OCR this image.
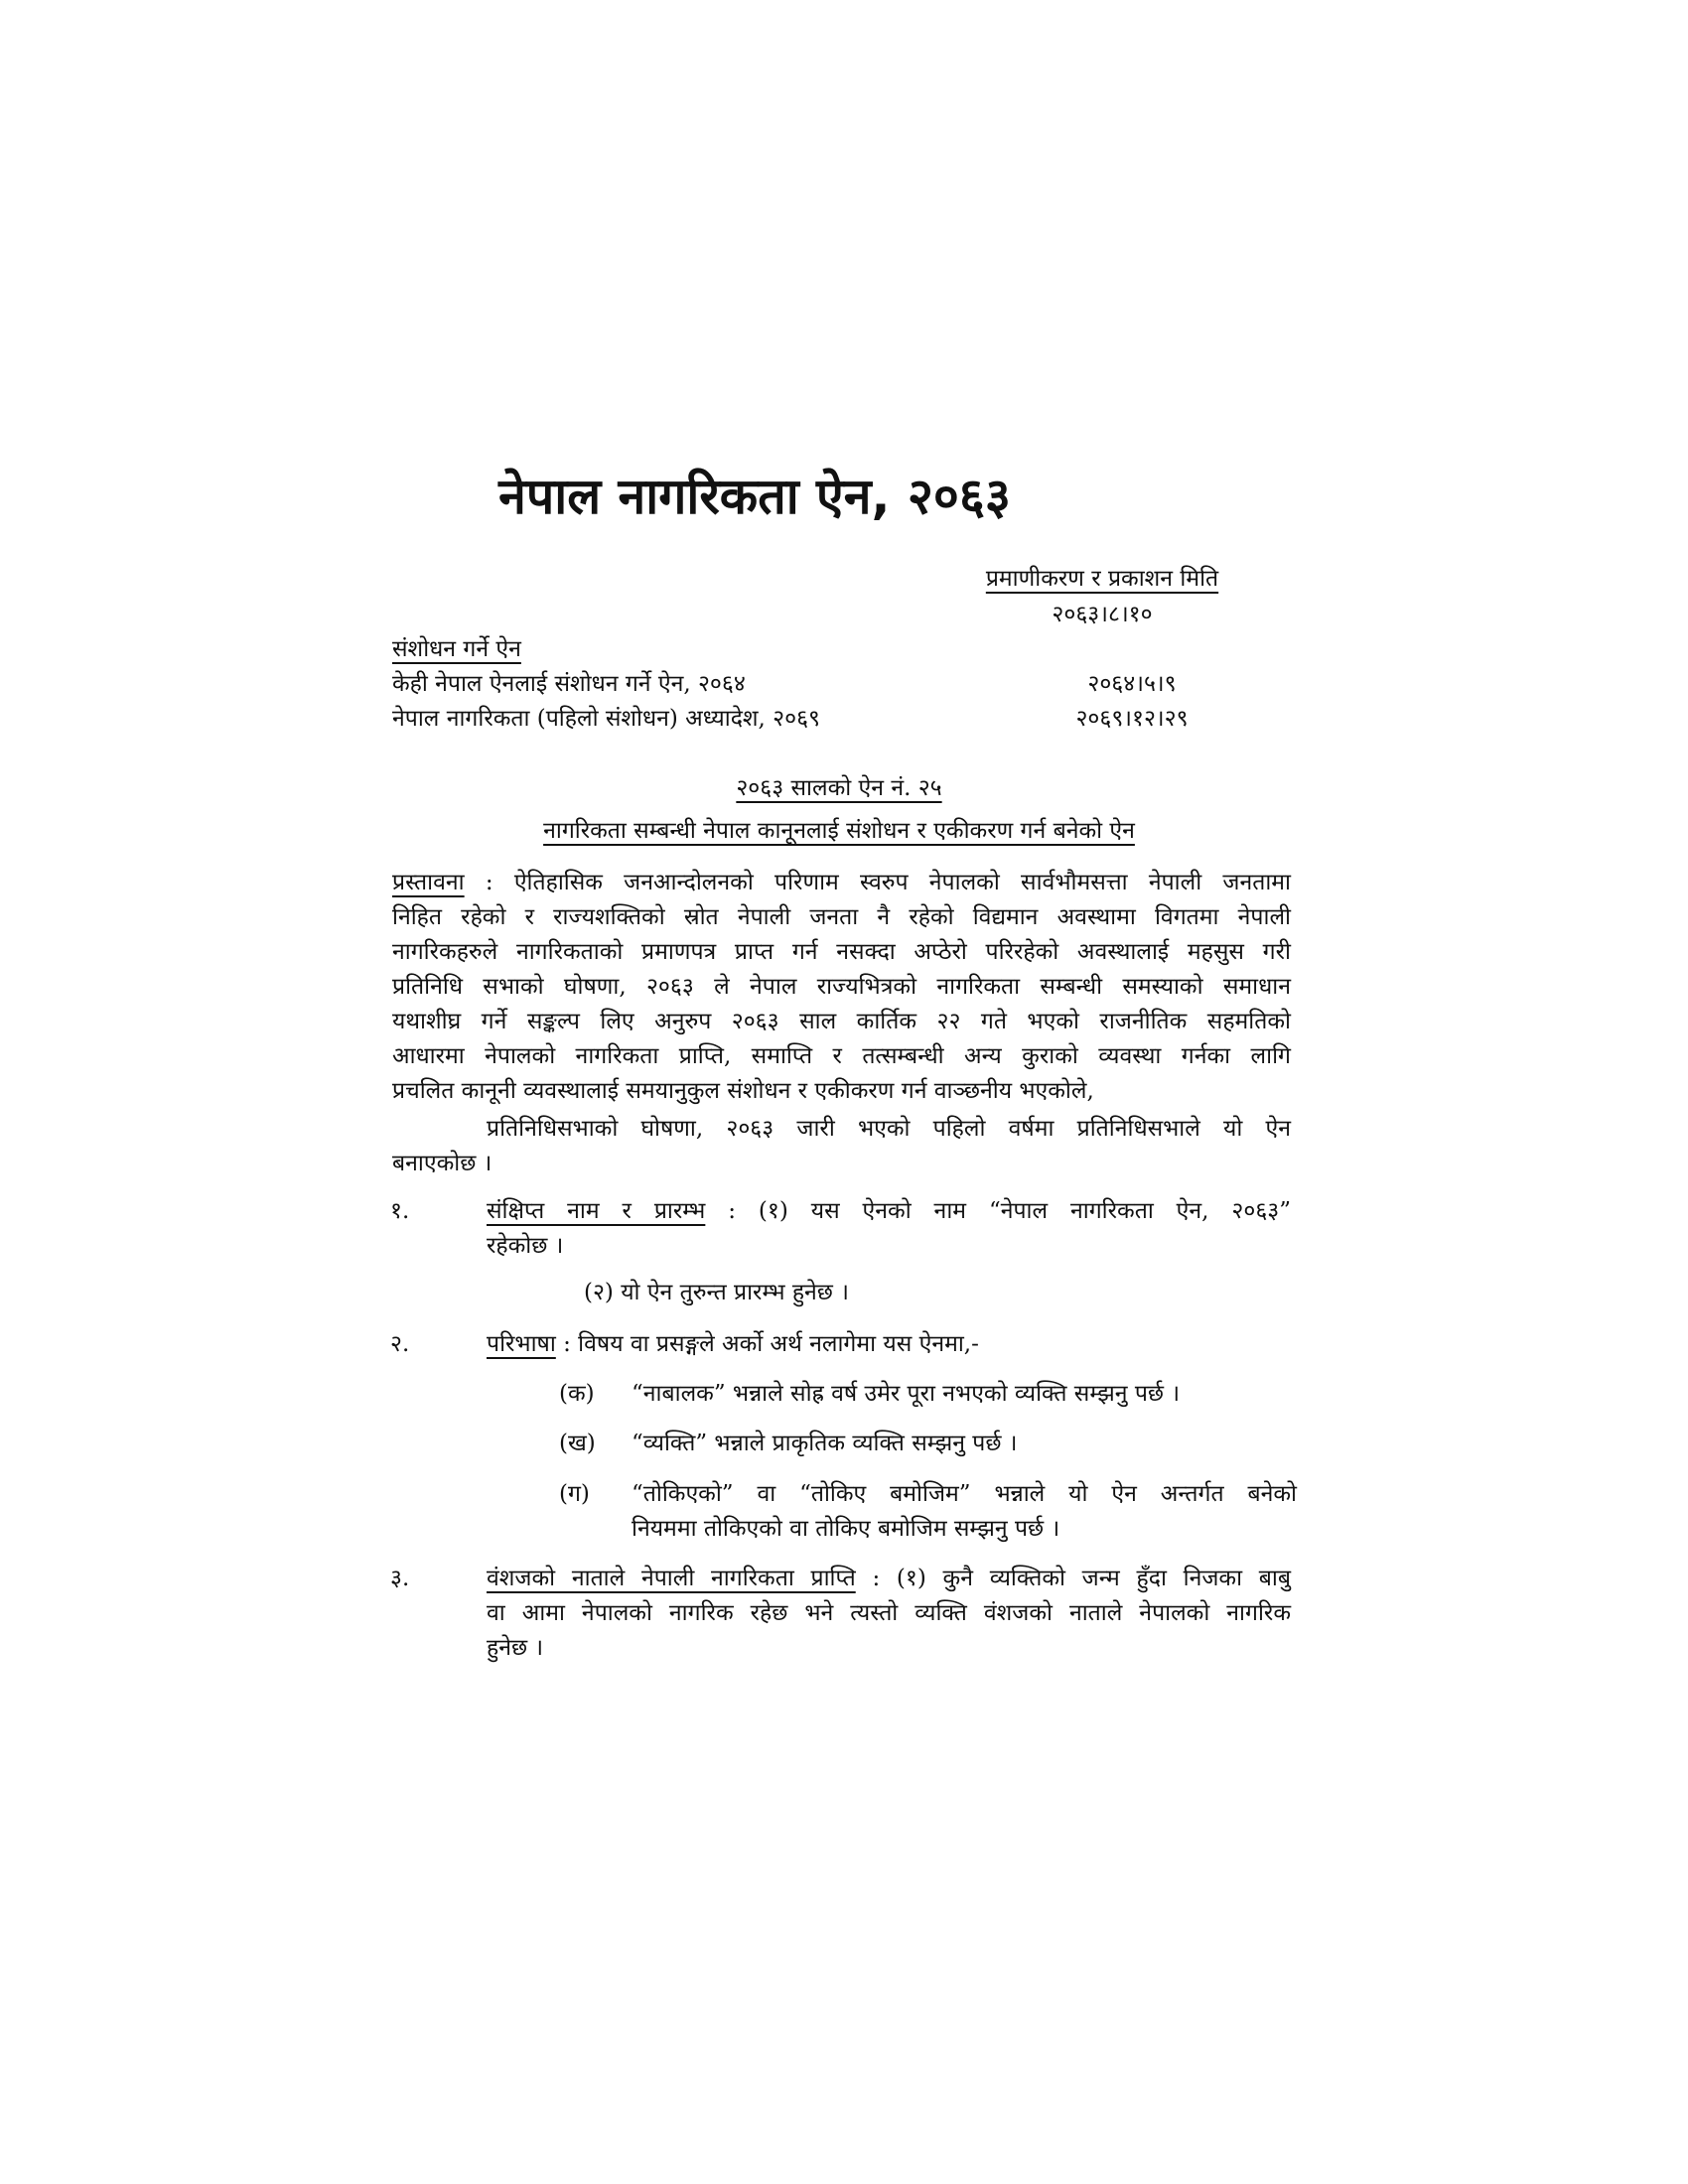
नेपाल नागरिकता ऐन, २०६३
प्रमाणीकरण र प्रकाशन मिति
२०६३।८।१०
संशोधन गर्ने ऐन
केही नेपाल ऐनलाई संशोधन गर्ने ऐन, २०६४	२०६४।५।९
नेपाल नागरिकता (पहिलो संशोधन) अध्यादेश, २०६९	२०६९।१२।२९
२०६३ सालको ऐन नं. २५
नागरिकता सम्बन्धी नेपाल कानूनलाई संशोधन र एकीकरण गर्न बनेको ऐन
प्रस्तावना : ऐतिहासिक जनआन्दोलनको परिणाम स्वरुप नेपालको सार्वभौमसत्ता नेपाली जनतामा
निहित रहेको र राज्यशक्तिको स्रोत नेपाली जनता नै रहेको विद्यमान अवस्थामा विगतमा नेपाली
नागरिकहरुले नागरिकताको प्रमाणपत्र प्राप्त गर्न नसक्दा अप्ठेरो परिरहेको अवस्थालाई महसुस गरी
प्रतिनिधि सभाको घोषणा, २०६३ ले नेपाल राज्यभित्रको नागरिकता सम्बन्धी समस्याको समाधान
यथाशीघ्र गर्ने सङ्कल्प लिए अनुरुप २०६३ साल कार्तिक २२ गते भएको राजनीतिक सहमतिको
आधारमा नेपालको नागरिकता प्राप्ति, समाप्ति र तत्सम्बन्धी अन्य कुराको व्यवस्था गर्नका लागि
प्रचलित कानूनी व्यवस्थालाई समयानुकुल संशोधन र एकीकरण गर्न वाञ्छनीय भएकोले,
प्रतिनिधिसभाको घोषणा, २०६३ जारी भएको पहिलो वर्षमा प्रतिनिधिसभाले यो ऐन
बनाएकोछ ।
१.	संक्षिप्त नाम र प्रारम्भ : (१) यस ऐनको नाम “नेपाल नागरिकता ऐन, २०६३”
रहेकोछ ।
(२) यो ऐन तुरुन्त प्रारम्भ हुनेछ ।
२.	परिभाषा : विषय वा प्रसङ्गले अर्को अर्थ नलागेमा यस ऐनमा,-
(क) “नाबालक” भन्नाले सोह्र वर्ष उमेर पूरा नभएको व्यक्ति सम्झनु पर्छ ।
(ख) “व्यक्ति” भन्नाले प्राकृतिक व्यक्ति सम्झनु पर्छ ।
(ग) “तोकिएको” वा “तोकिए बमोजिम” भन्नाले यो ऐन अन्तर्गत बनेको
नियममा तोकिएको वा तोकिए बमोजिम सम्झनु पर्छ ।
३.	वंशजको नाताले नेपाली नागरिकता प्राप्ति : (१) कुनै व्यक्तिको जन्म हुँदा निजका बाबु
वा आमा नेपालको नागरिक रहेछ भने त्यस्तो व्यक्ति वंशजको नाताले नेपालको नागरिक
हुनेछ ।
